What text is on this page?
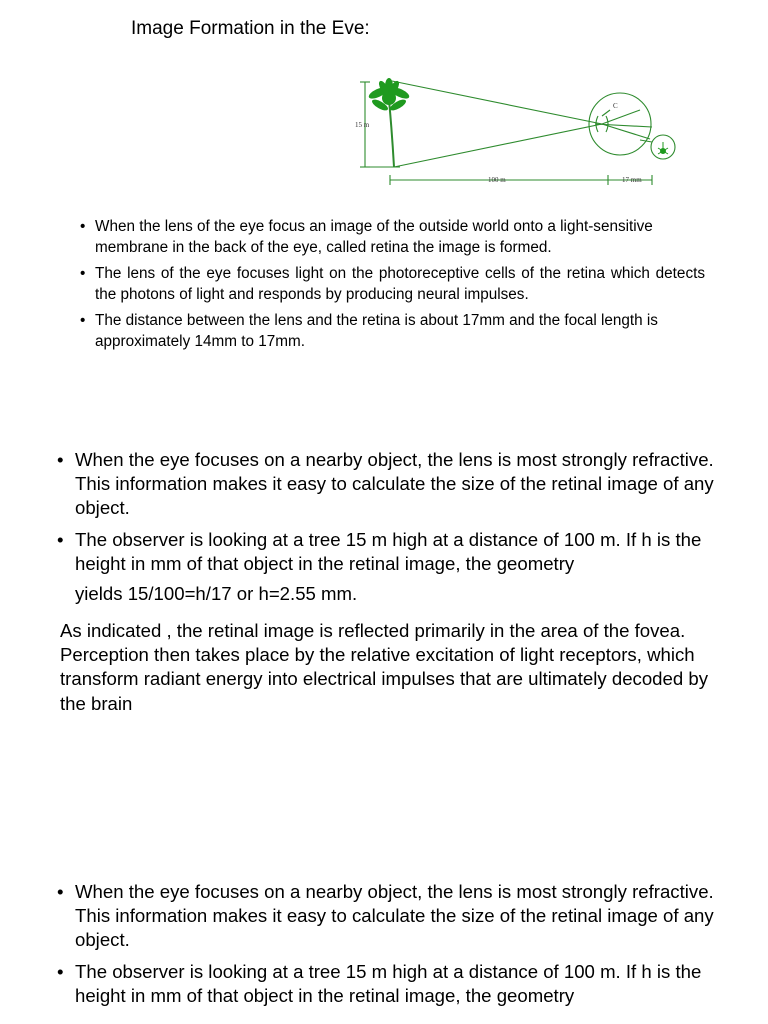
Image Formation in the Eve:
15 m
100 m	17 mm
C
• When the lens of the eye focus an image of the outside world onto a light-sensitive membrane in the back of the eye, called retina the image is formed.
• The lens of the eye focuses light on the photoreceptive cells of the retina which detects the photons of light and responds by producing neural impulses.
• The distance between the lens and the retina is about 17mm and the focal length is approximately 14mm to 17mm.
• When the eye focuses on a nearby object, the lens is most strongly refractive. This information makes it easy to calculate the size of the retinal image of any object.
• The observer is looking at a tree 15 m high at a distance of 100 m. If h is the height in mm of that object in the retinal image, the geometry
yields 15/100=h/17 or h=2.55 mm.
As indicated , the retinal image is reflected primarily in the area of the fovea. Perception then takes place by the relative excitation of light receptors, which transform radiant energy into electrical impulses that are ultimately decoded by the brain
• When the eye focuses on a nearby object, the lens is most strongly refractive. This information makes it easy to calculate the size of the retinal image of any object.
• The observer is looking at a tree 15 m high at a distance of 100 m. If h is the height in mm of that object in the retinal image, the geometry
